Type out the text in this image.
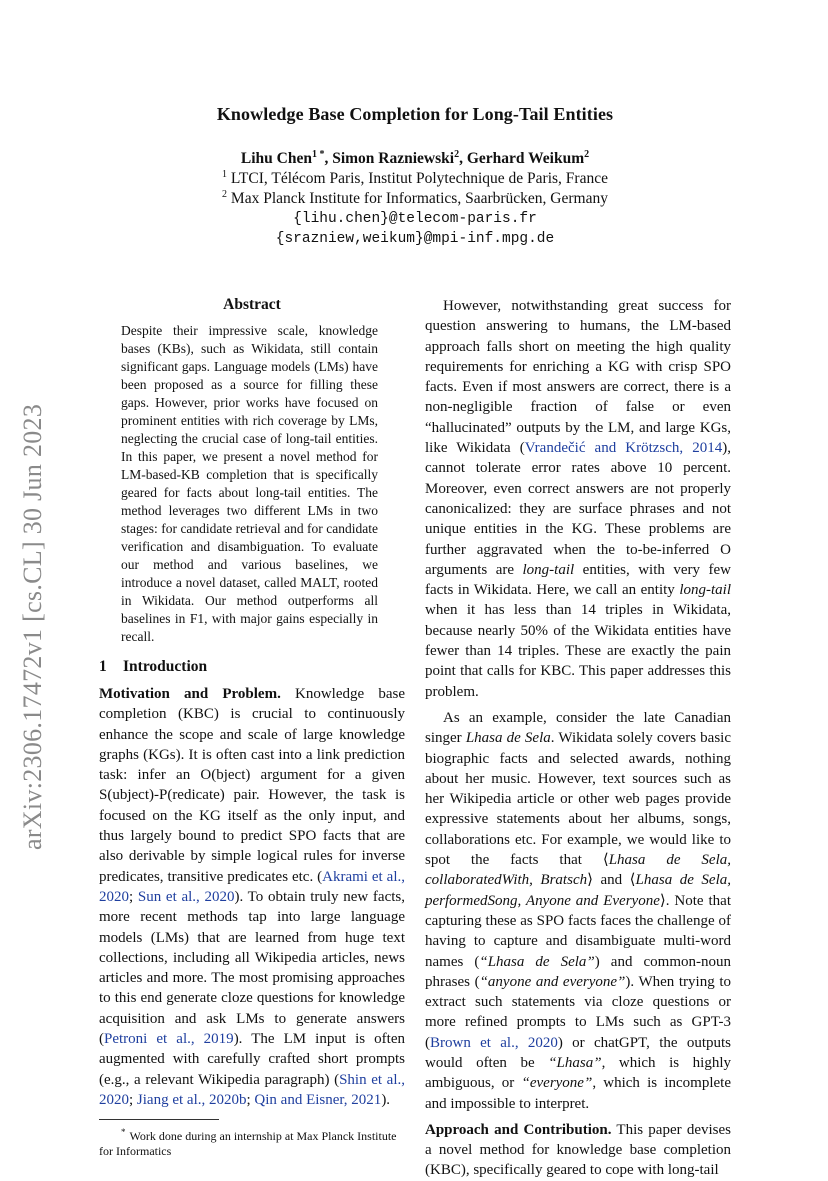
arXiv:2306.17472v1 [cs.CL] 30 Jun 2023
Knowledge Base Completion for Long-Tail Entities
Lihu Chen$^{1 *}$, Simon Razniewski$^2$, Gerhard Weikum$^2$
$^1$ LTCI, Télécom Paris, Institut Polytechnique de Paris, France
$^2$ Max Planck Institute for Informatics, Saarbrücken, Germany
{lihu.chen}@telecom-paris.fr
{srazniew,weikum}@mpi-inf.mpg.de
Abstract

Despite their impressive scale, knowledge bases (KBs), such as Wikidata, still contain significant gaps. Language models (LMs) have been proposed as a source for filling these gaps. However, prior works have focused on prominent entities with rich coverage by LMs, neglecting the crucial case of long-tail entities. In this paper, we present a novel method for LM-based-KB completion that is specifically geared for facts about long-tail entities. The method leverages two different LMs in two stages: for candidate retrieval and for candidate verification and disambiguation. To evaluate our method and various baselines, we introduce a novel dataset, called MALT, rooted in Wikidata. Our method outperforms all baselines in F1, with major gains especially in recall.

1 Introduction

Motivation and Problem. Knowledge base completion (KBC) is crucial to continuously enhance the scope and scale of large knowledge graphs (KGs). It is often cast into a link prediction task: infer an O(bject) argument for a given S(ubject)-P(redicate) pair. However, the task is focused on the KG itself as the only input, and thus largely bound to predict SPO facts that are also derivable by simple logical rules for inverse predicates, transitive predicates etc. (Akrami et al., 2020; Sun et al., 2020). To obtain truly new facts, more recent methods tap into large language models (LMs) that are learned from huge text collections, including all Wikipedia articles, news articles and more. The most promising approaches to this end generate cloze questions for knowledge acquisition and ask LMs to generate answers (Petroni et al., 2019). The LM input is often augmented with carefully crafted short prompts (e.g., a relevant Wikipedia paragraph) (Shin et al., 2020; Jiang et al., 2020b; Qin and Eisner, 2021).

* Work done during an internship at Max Planck Institute for Informatics

However, notwithstanding great success for question answering to humans, the LM-based approach falls short on meeting the high quality requirements for enriching a KG with crisp SPO facts. Even if most answers are correct, there is a non-negligible fraction of false or even “hallucinated” outputs by the LM, and large KGs, like Wikidata (Vrandečić and Krötzsch, 2014), cannot tolerate error rates above 10 percent. Moreover, even correct answers are not properly canonicalized: they are surface phrases and not unique entities in the KG. These problems are further aggravated when the to-be-inferred O arguments are long-tail entities, with very few facts in Wikidata. Here, we call an entity long-tail when it has less than 14 triples in Wikidata, because nearly 50% of the Wikidata entities have fewer than 14 triples. These are exactly the pain point that calls for KBC. This paper addresses this problem.

As an example, consider the late Canadian singer Lhasa de Sela. Wikidata solely covers basic biographic facts and selected awards, nothing about her music. However, text sources such as her Wikipedia article or other web pages provide expressive statements about her albums, songs, collaborations etc. For example, we would like to spot the facts that ⟨Lhasa de Sela, collaboratedWith, Bratsch⟩ and ⟨Lhasa de Sela, performedSong, Anyone and Everyone⟩. Note that capturing these as SPO facts faces the challenge of having to capture and disambiguate multi-word names (“Lhasa de Sela”) and common-noun phrases (“anyone and everyone”). When trying to extract such statements via cloze questions or more refined prompts to LMs such as GPT-3 (Brown et al., 2020) or chatGPT, the outputs would often be “Lhasa”, which is highly ambiguous, or “everyone”, which is incomplete and impossible to interpret.

Approach and Contribution. This paper devises a novel method for knowledge base completion (KBC), specifically geared to cope with long-tail
